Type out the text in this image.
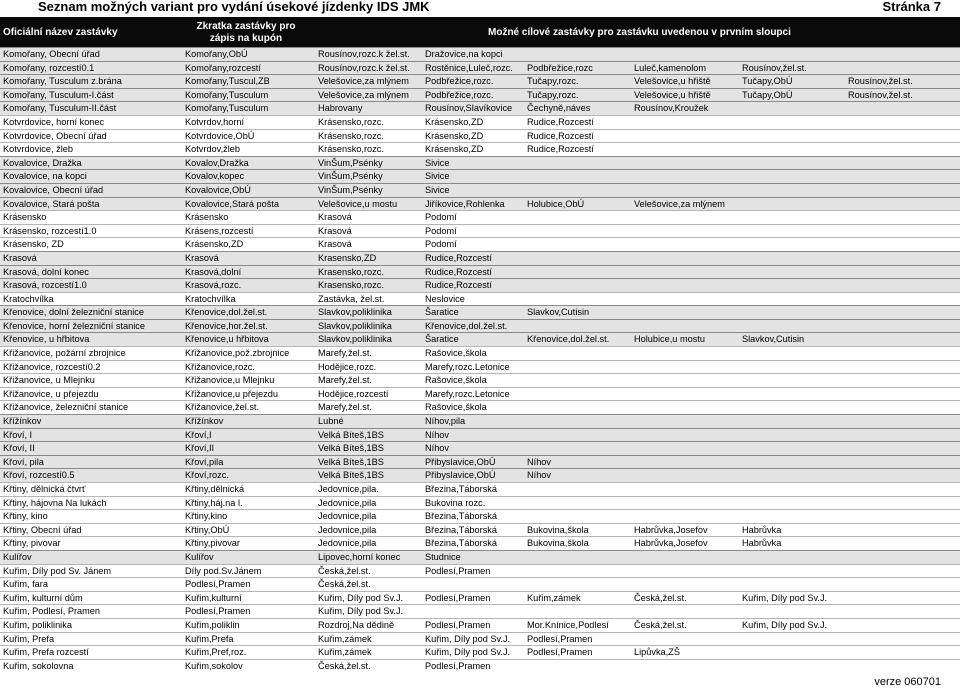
Seznam možných variant pro vydání úsekové jízdenky IDS JMK	Stránka 7
Oficiální název zastávky
Zkratka zastávky pro zápis na kupón
Možné cílové zastávky pro zastávku uvedenou v prvním sloupci
Komořany, Obecní úřad	Komořany,ObÚ	Rousínov,rozc.k žel.st.	Dražovice,na kopci				
Komořany, rozcestí0.1	Komořany,rozcestí	Rousínov,rozc.k žel.st.	Rostěnice,Luleč,rozc.	Podbřežice,rozc	Luleč,kamenolom	Rousínov,žel.st.	
Komořany, Tusculum z.brána	Komořany,Tuscul,ZB	Velešovice,za mlýnem	Podbřežice,rozc.	Tučapy,rozc.	Velešovice,u hřiště	Tučapy,ObÚ	Rousínov,žel.st.
Komořany, Tusculum-I.část	Komořany,Tusculum	Velešovice,za mlýnem	Podbřežice,rozc.	Tučapy,rozc.	Velešovice,u hřiště	Tučapy,ObÚ	Rousínov,žel.st.
Komořany, Tusculum-II.část	Komořany,Tusculum	Habrovany	Rousínov,Slavíkovice	Čechyně,náves	Rousínov,Kroužek		
Kotvrdovice, horní konec	Kotvrdov,horní	Krásensko,rozc.	Krásensko,ZD	Rudice,Rozcestí			
Kotvrdovice, Obecní úřad	Kotvrdovice,ObÚ	Krásensko,rozc.	Krásensko,ZD	Rudice,Rozcestí			
Kotvrdovice, žleb	Kotvrdov,žleb	Krásensko,rozc.	Krásensko,ZD	Rudice,Rozcestí			
Kovalovice, Dražka	Kovalov,Dražka	VinŠum,Psénky	Sivice				
Kovalovice, na kopci	Kovalov,kopec	VinŠum,Psénky	Sivice				
Kovalovice, Obecní úřad	Kovalovice,ObÚ	VinŠum,Psénky	Sivice				
Kovalovice, Stará pošta	Kovalovice,Stará pošta	Velešovice,u mostu	Jiříkovice,Rohlenka	Holubice,ObÚ	Velešovice,za mlýnem		
Krásensko	Krásensko	Krasová	Podomí				
Krásensko, rozcestí1.0	Krásens,rozcestí	Krasová	Podomí				
Krásensko, ZD	Krásensko,ZD	Krasová	Podomí				
Krasová	Krasová	Krasensko,ZD	Rudice,Rozcestí				
Krasová, dolní konec	Krasová,dolní	Krasensko,rozc.	Rudice,Rozcestí				
Krasová, rozcestí1.0	Krasová,rozc.	Krasensko,rozc.	Rudice,Rozcestí				
Kratochvílka	Kratochvílka	Zastávka, žel.st.	Neslovice				
Křenovice, dolní železniční stanice	Křenovice,dol.žel.st.	Slavkov,poliklinika	Šaratice	Slavkov,Cutisin			
Křenovice, horní železniční stanice	Křenovice,hor.žel.st.	Slavkov,poliklinika	Křenovice,dol.žel.st.				
Křenovice, u hřbitova	Křenovice,u hřbitova	Slavkov,poliklinika	Šaratice	Křenovice,dol.žel.st.	Holubice,u mostu	Slavkov,Cutisin	
Křižanovice, požární zbrojnice	Křižanovice,pož.zbrojnice	Marefy,žel.st.	Rašovice,škola				
Křižanovice, rozcestí0.2	Křižanovice,rozc.	Hodějice,rozc.	Marefy,rozc.Letonice				
Křižanovice, u Mlejnku	Křižanovice,u Mlejnku	Marefy,žel.st.	Rašovice,škola				
Křižanovice, u přejezdu	Křižanovice,u přejezdu	Hodějice,rozcestí	Marefy,rozc.Letonice				
Křižanovice, železniční stanice	Křižanovice,žel.st.	Marefy,žel.st.	Rašovice,škola				
Křížínkov	Křížínkov	Lubné	Níhov,pila				
Křoví, I	Křoví,I	Velká Bíteš,1BS	Níhov				
Křoví, II	Křoví,II	Velká Bíteš,1BS	Níhov				
Křoví, pila	Křoví,pila	Velká Bíteš,1BS	Přibyslavice,ObÚ	Níhov			
Křoví, rozcestí0.5	Křoví,rozc.	Velká Bíteš,1BS	Přibyslavice,ObÚ	Níhov			
Křtiny, dělnická čtvrť	Křtiny,dělnická	Jedovnice,pila.	Březina,Táborská				
Křtiny, hájovna Na lukách	Křtiny,háj.na l.	Jedovnice,pila	Bukovina rozc.				
Křtiny, kino	Křtiny,kino	Jedovnice,pila	Březina,Táborská				
Křtiny, Obecní úřad	Křtiny,ObÚ	Jedovnice,pila	Březina,Táborská	Bukovina,škola	Habrůvka,Josefov	Habrůvka	
Křtiny, pivovar	Křtiny,pivovar	Jedovnice,pila	Březina,Táborská	Bukovina,škola	Habrůvka,Josefov	Habrůvka	
Kulířov	Kulířov	Lipovec,horní konec	Studnice				
Kuřim, Díly pod Sv. Jánem	Díly pod.Sv.Jánem	Česká,žel.st.	Podlesí,Pramen				
Kuřim, fara	Podlesí,Pramen	Česká,žel.st.					
Kuřim, kulturní dům	Kuřim,kulturní	Kuřim, Díly pod Sv.J.	Podlesí,Pramen	Kuřim,zámek	Česká,žel.st.	Kuřim, Díly pod Sv.J.	
Kuřim, Podlesí, Pramen	Podlesí,Pramen	Kuřim, Díly pod Sv.J.					
Kuřim, poliklinika	Kuřim,poliklin	Rozdrој,Na dědině	Podlesí,Pramen	Mor.Knínice,Podlesí	Česká,žel.st.	Kuřim, Díly pod Sv.J.	
Kuřim, Prefa	Kuřim,Prefa	Kuřim,zámek	Kuřim, Díly pod Sv.J.	Podlesí,Pramen			
Kuřim, Prefa rozcestí	Kuřim,Pref,roz.	Kuřim,zámek	Kuřim, Díly pod Sv.J.	Podlesí,Pramen	Lipůvka,ZŠ		
Kuřim, sokolovna	Kuřim,sokolov	Česká,žel.st.	Podlesí,Pramen				
verze 060701
